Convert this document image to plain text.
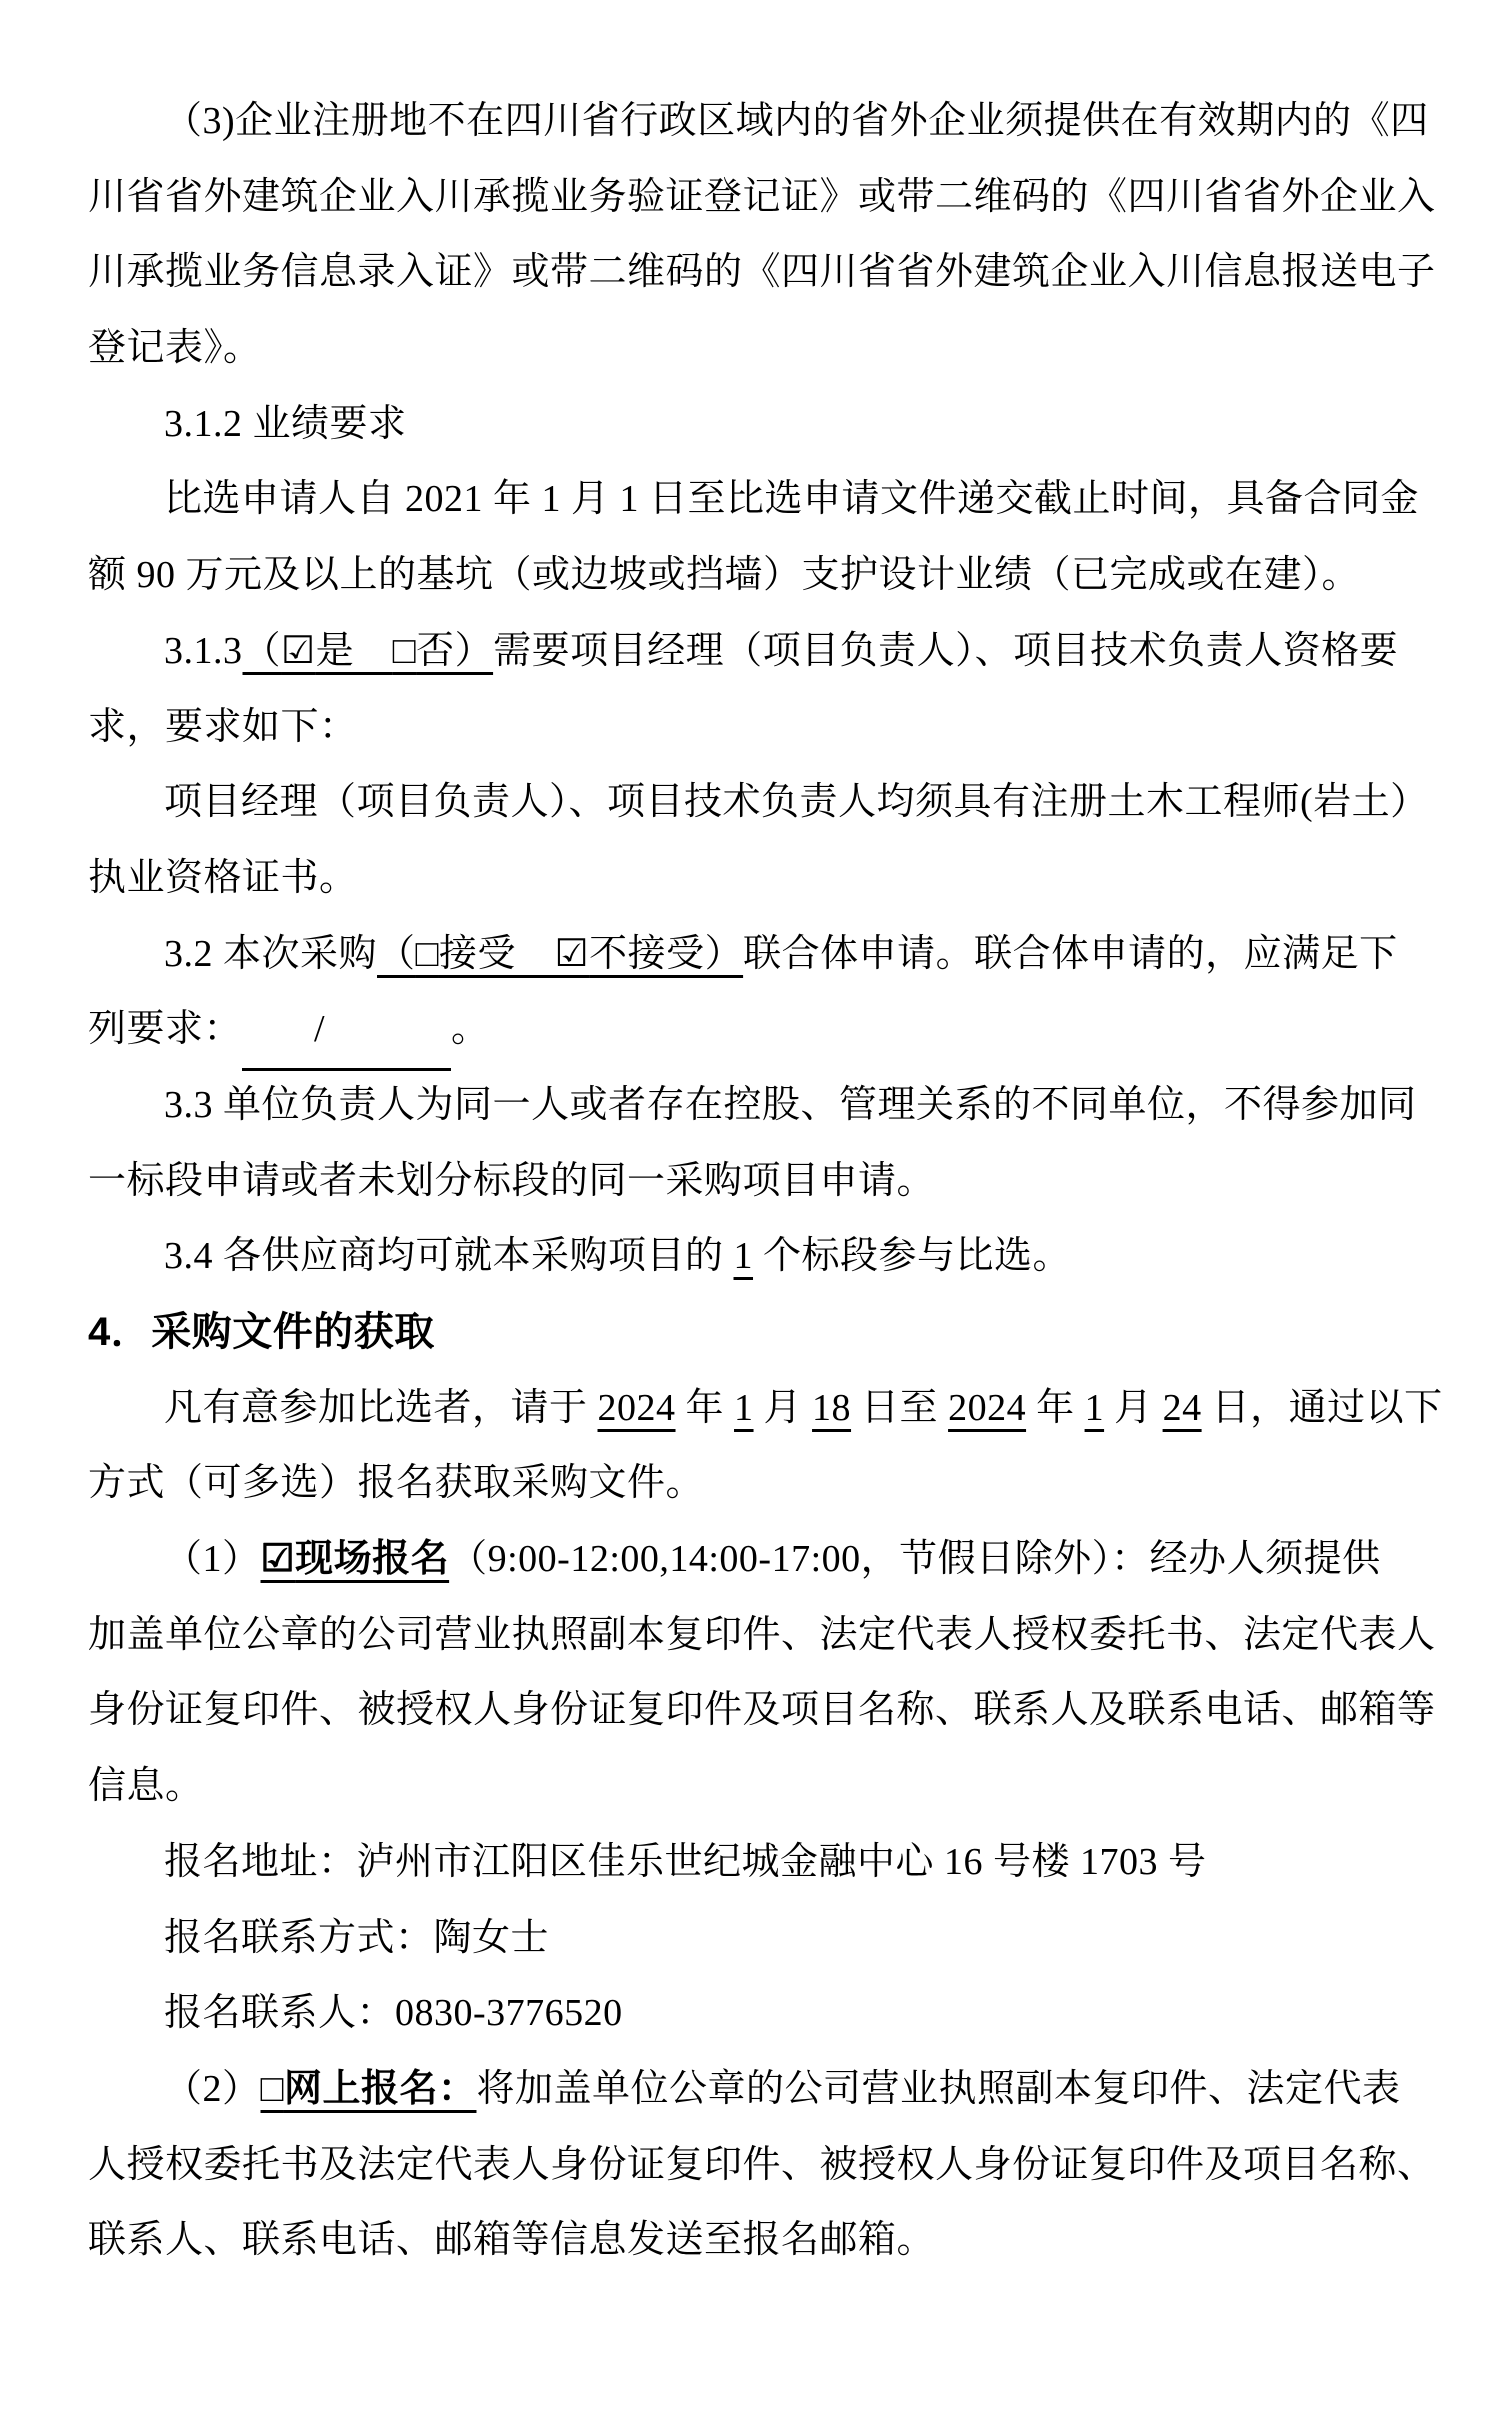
（3)企业注册地不在四川省行政区域内的省外企业须提供在有效期内的《四
川省省外建筑企业入川承揽业务验证登记证》或带二维码的《四川省省外企业入
川承揽业务信息录入证》或带二维码的《四川省省外建筑企业入川信息报送电子
登记表》。
3.1.2 业绩要求
比选申请人自 2021 年 1 月 1 日至比选申请文件递交截止时间，具备合同金
额 90 万元及以上的基坑（或边坡或挡墙）支护设计业绩（已完成或在建）。
3.1.3（☑是　□否）需要项目经理（项目负责人）、项目技术负责人资格要
求，要求如下：
项目经理（项目负责人）、项目技术负责人均须具有注册土木工程师(岩土）
执业资格证书。
3.2 本次采购（□接受　☑不接受）联合体申请。联合体申请的，应满足下
列要求： /	。
3.3 单位负责人为同一人或者存在控股、管理关系的不同单位，不得参加同
一标段申请或者未划分标段的同一采购项目申请。
3.4 各供应商均可就本采购项目的 1 个标段参与比选。
4．采购文件的获取
凡有意参加比选者，请于 2024 年 1 月 18 日至 2024 年 1 月 24 日，通过以下
方式（可多选）报名获取采购文件。
（1）☑现场报名（9:00-12:00,14:00-17:00，节假日除外）：经办人须提供
加盖单位公章的公司营业执照副本复印件、法定代表人授权委托书、法定代表人
身份证复印件、被授权人身份证复印件及项目名称、联系人及联系电话、邮箱等
信息。
报名地址：泸州市江阳区佳乐世纪城金融中心 16 号楼 1703 号
报名联系方式：陶女士
报名联系人：0830-3776520
（2）□网上报名：将加盖单位公章的公司营业执照副本复印件、法定代表
人授权委托书及法定代表人身份证复印件、被授权人身份证复印件及项目名称、
联系人、联系电话、邮箱等信息发送至报名邮箱。
